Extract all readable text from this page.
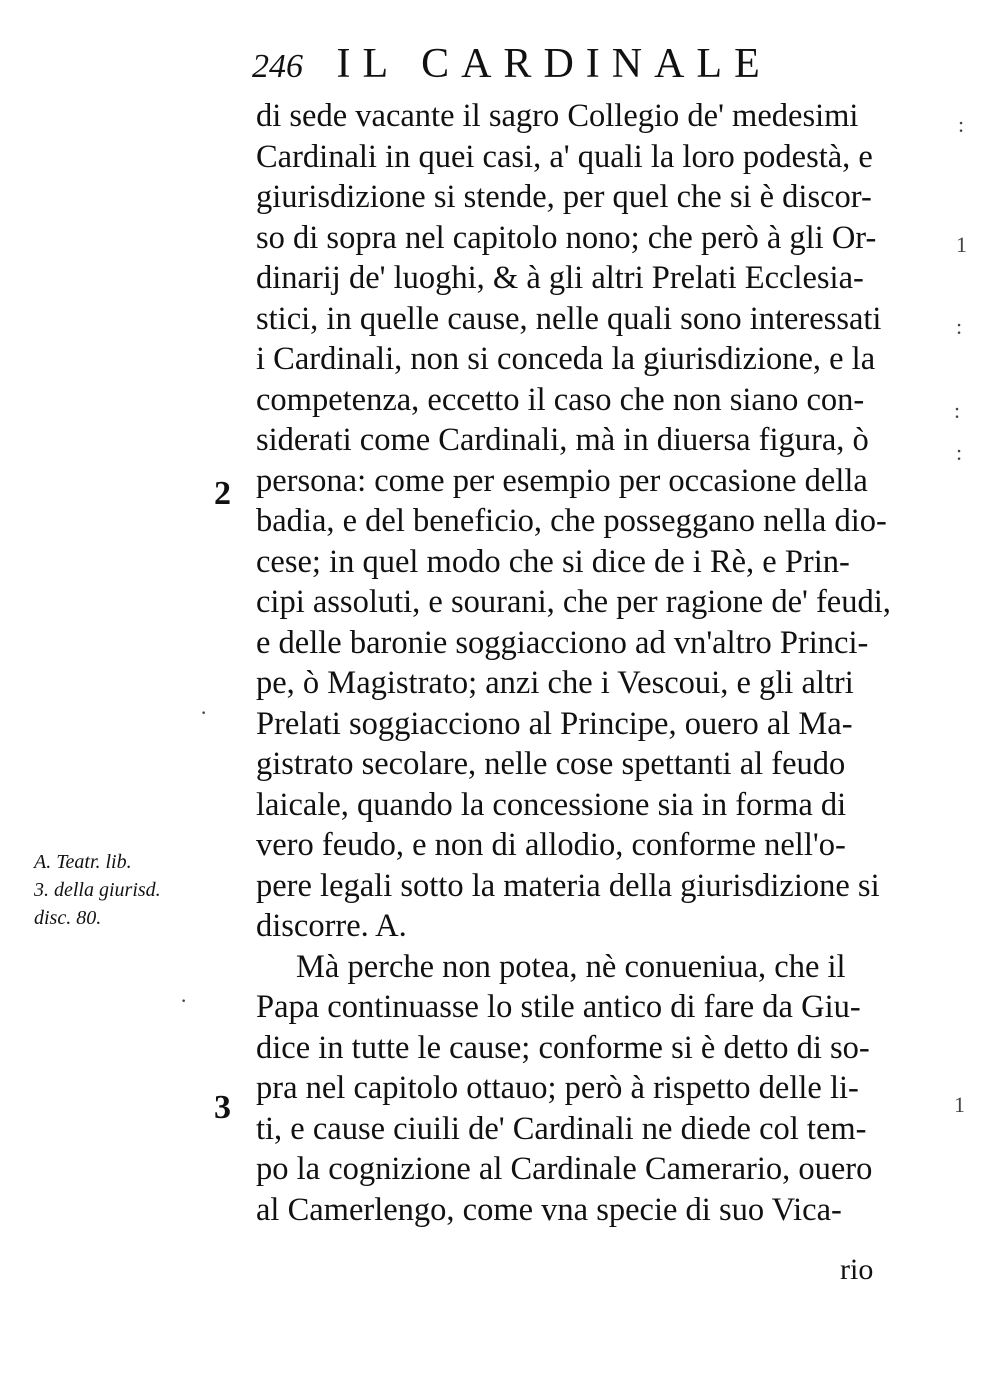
246 IL CARDINALE
di sede vacante il sagro Collegio de' medesimi
Cardinali in quei casi, a' quali la loro podestà, e
giurisdizione si stende, per quel che si è discor-
so di sopra nel capitolo nono; che però à gli Or-
dinarij de' luoghi, & à gli altri Prelati Ecclesia-
stici, in quelle cause, nelle quali sono interessati
i Cardinali, non si conceda la giurisdizione, e la
competenza, eccetto il caso che non siano con-
siderati come Cardinali, mà in diuersa figura, ò
persona: come per esempio per occasione della
badia, e del beneficio, che posseggano nella dio-
cese; in quel modo che si dice de i Rè, e Prin-
cipi assoluti, e sourani, che per ragione de' feudi,
e delle baronie soggiacciono ad vn'altro Princi-
pe, ò Magistrato; anzi che i Vescoui, e gli altri
Prelati soggiacciono al Principe, ouero al Ma-
gistrato secolare, nelle cose spettanti al feudo
laicale, quando la concessione sia in forma di
vero feudo, e non di allodio, conforme nell'o-
pere legali sotto la materia della giurisdizione si
discorre. A.
Mà perche non potea, nè conueniua, che il
Papa continuasse lo stile antico di fare da Giu-
dice in tutte le cause; conforme si è detto di so-
pra nel capitolo ottauo; però à rispetto delle li-
ti, e cause ciuili de' Cardinali ne diede col tem-
po la cognizione al Cardinale Camerario, ouero
al Camerlengo, come vna specie di suo Vica-
rio
2
3
A. Teatr. lib.
3. della giurisd.
disc. 80.
:
1
:
:
:
1
·
·
